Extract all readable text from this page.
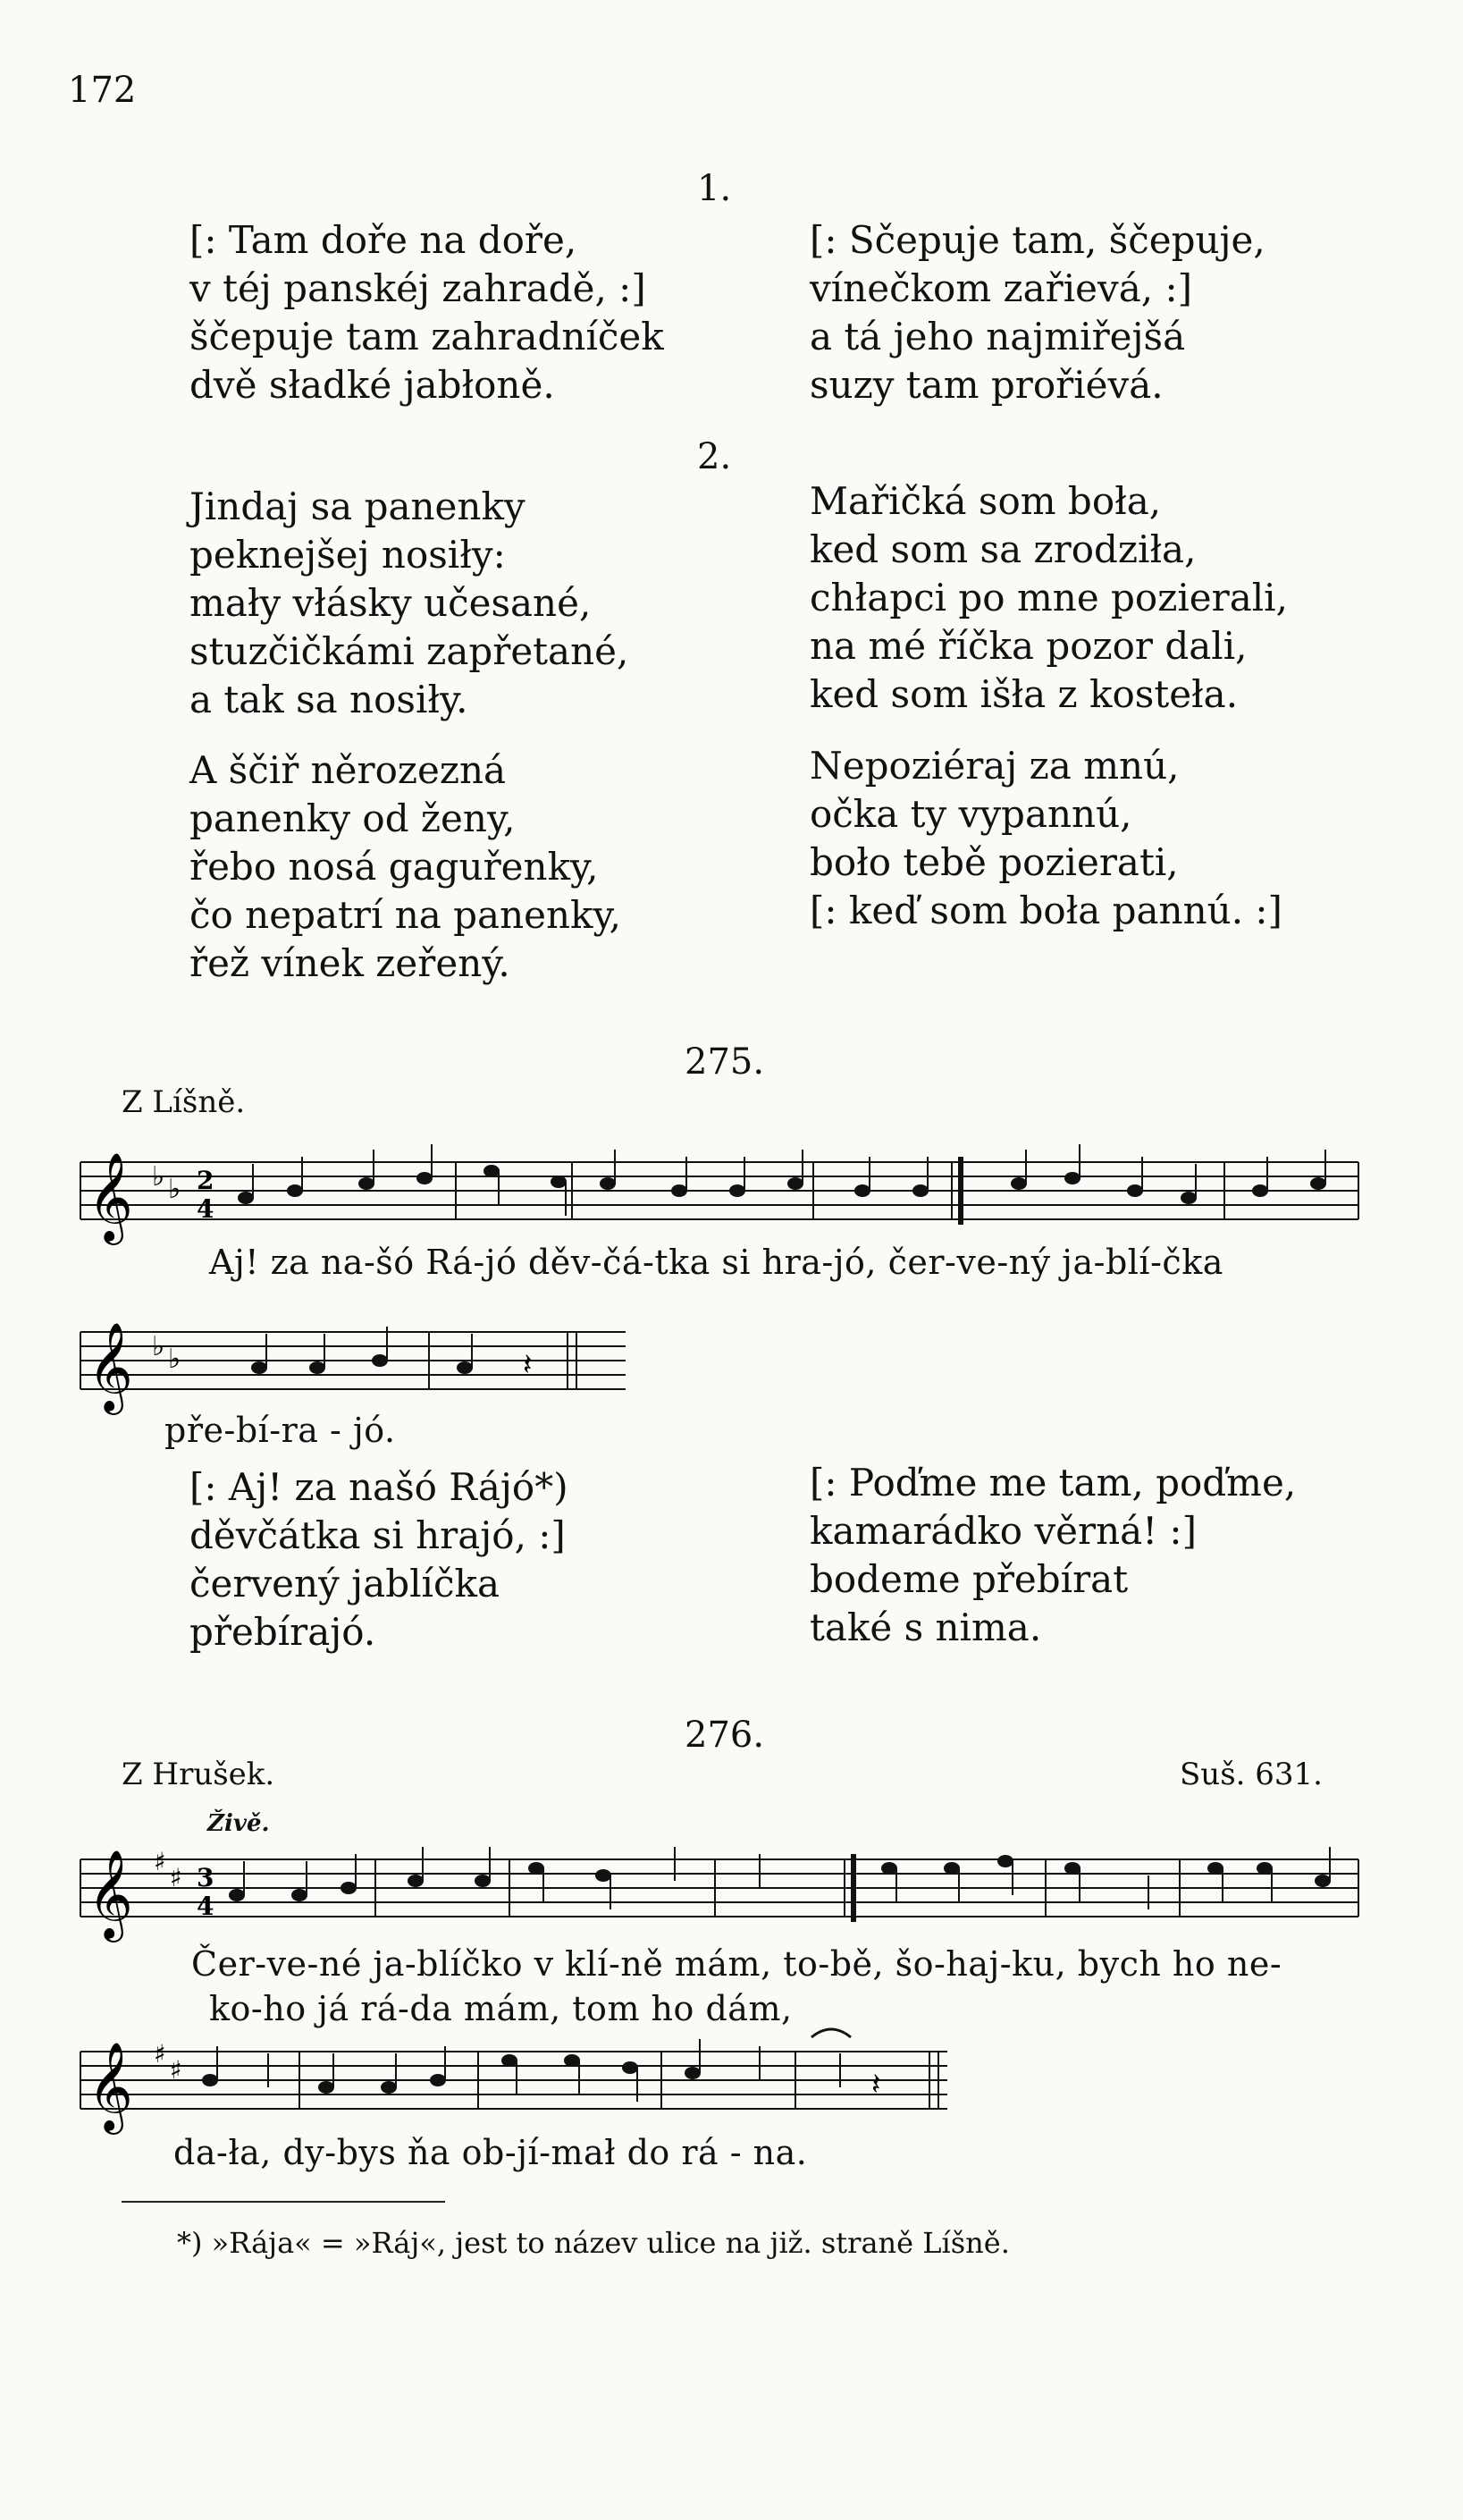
172
1.
2.
[: Tam doře na doře,
v téj panskéj zahradě, :]
ščepuje tam zahradníček
dvě sładké jabłoně.
[: Sčepuje tam, ščepuje,
vínečkom zařievá, :]
a tá jeho najmiřejšá
suzy tam prořiévá.
Jindaj sa panenky
peknejšej nosiły:
mały vłásky učesané,
stuzčičkámi zapřetané,
a tak sa nosiły.
Mařičká som boła,
ked som sa zrodziła,
chłapci po mne pozierali,
na mé říčka pozor dali,
ked som išła z kosteła.
A ščiř něrozezná
panenky od ženy,
řebo nosá gaguřenky,
čo nepatrí na panenky,
řež vínek zeřený.
Nepoziéraj za mnú,
očka ty vypannú,
boło tebě pozierati,
[: keď som boła pannú. :]
275.
Z Líšně.
𝄞 ♭ ♭ 2
4
Aj! za na-šó Rá-jó děv-čá-tka si hra-jó, čer-ve-ný ja-blí-čka
𝄞 ♭ ♭	𝄽
pře-bí-ra - jó.
[: Aj! za našó Rájó*)
děvčátka si hrajó, :]
červený jablíčka
přebírajó.
[: Poďme me tam, poďme,
kamarádko věrná! :]
bodeme přebírat
také s nima.
276.
Z Hrušek.	Suš. 631.
Živě.
𝄞 ♯
♯ 3
4
Čer-ve-né ja-blíčko v klí-ně mám, to-bě, šo-haj-ku, bych ho ne-
ko-ho já rá-da mám, tom ho dám,
𝄞 ♯
♯	𝄽
da-ła, dy-bys ňa ob-jí-mał do rá - na.
*) »Rája« = »Ráj«, jest to název ulice na již. straně Líšně.
